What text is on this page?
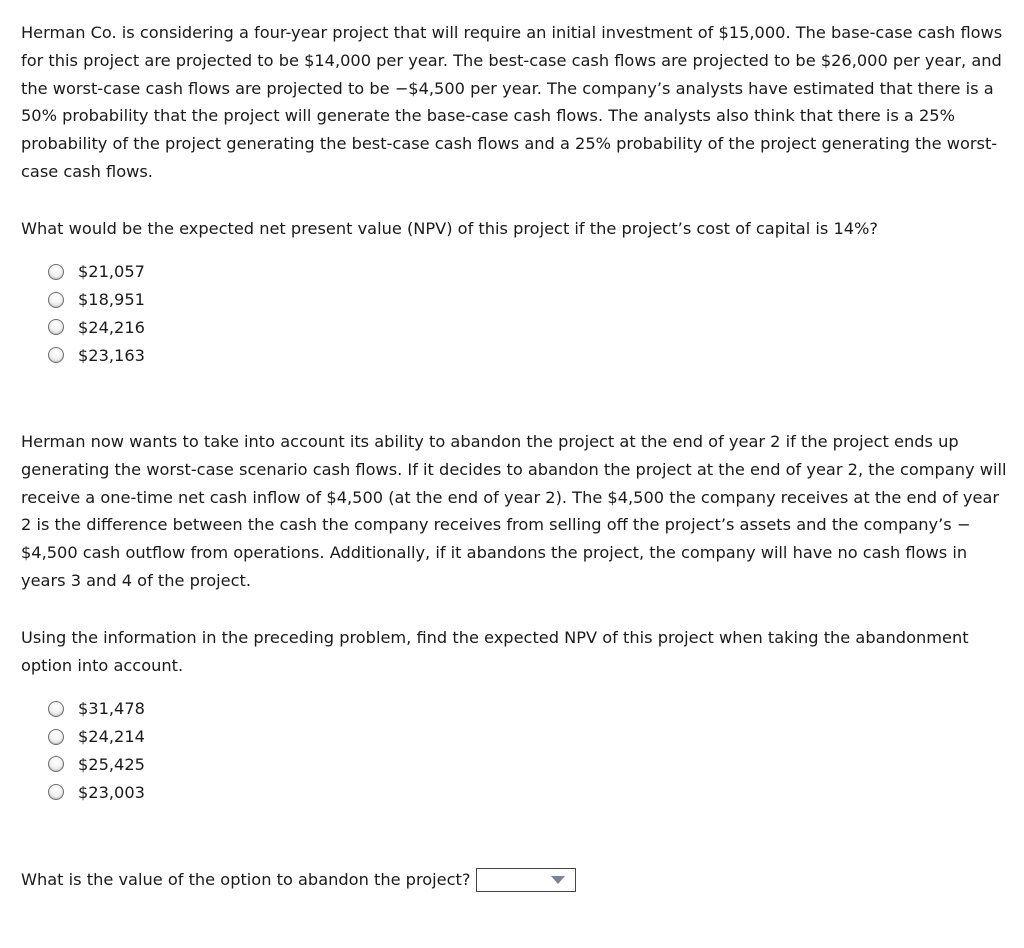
Herman Co. is considering a four-year project that will require an initial investment of $15,000. The base-case cash flows for this project are projected to be $14,000 per year. The best-case cash flows are projected to be $26,000 per year, and the worst-case cash flows are projected to be −$4,500 per year. The company’s analysts have estimated that there is a 50% probability that the project will generate the base-case cash flows. The analysts also think that there is a 25% probability of the project generating the best-case cash flows and a 25% probability of the project generating the worst-case cash flows.

What would be the expected net present value (NPV) of this project if the project’s cost of capital is 14%?

$21,057
$18,951
$24,216
$23,163

Herman now wants to take into account its ability to abandon the project at the end of year 2 if the project ends up generating the worst-case scenario cash flows. If it decides to abandon the project at the end of year 2, the company will receive a one-time net cash inflow of $4,500 (at the end of year 2). The $4,500 the company receives at the end of year 2 is the difference between the cash the company receives from selling off the project’s assets and the company’s −$4,500 cash outflow from operations. Additionally, if it abandons the project, the company will have no cash flows in years 3 and 4 of the project.

Using the information in the preceding problem, find the expected NPV of this project when taking the abandonment option into account.

$31,478
$24,214
$25,425
$23,003

What is the value of the option to abandon the project?
